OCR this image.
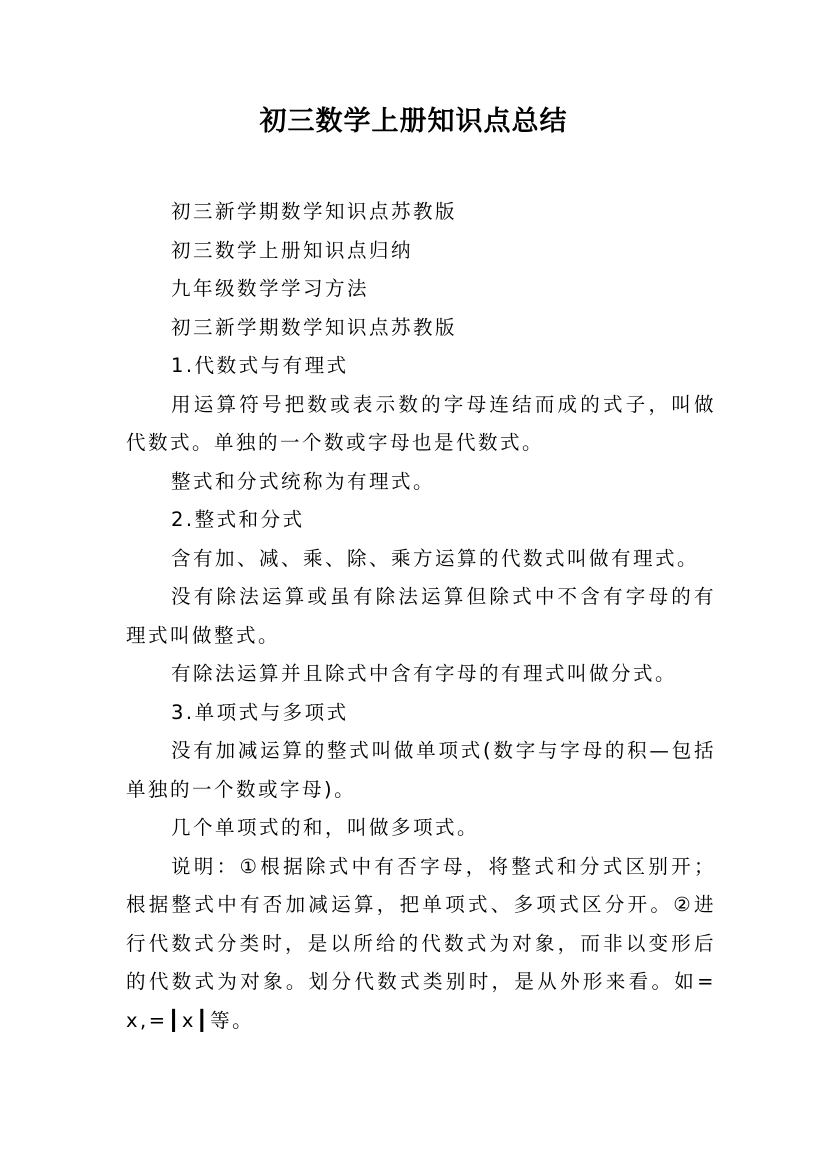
初三数学上册知识点总结

初三新学期数学知识点苏教版

初三数学上册知识点归纳

九年级数学学习方法

初三新学期数学知识点苏教版

1.代数式与有理式

用运算符号把数或表示数的字母连结而成的式子，叫做代数式。单独的一个数或字母也是代数式。

整式和分式统称为有理式。

2.整式和分式

含有加、减、乘、除、乘方运算的代数式叫做有理式。

没有除法运算或虽有除法运算但除式中不含有字母的有理式叫做整式。

有除法运算并且除式中含有字母的有理式叫做分式。

3.单项式与多项式

没有加减运算的整式叫做单项式(数字与字母的积—包括单独的一个数或字母)。

几个单项式的和，叫做多项式。

说明：①根据除式中有否字母，将整式和分式区别开；根据整式中有否加减运算，把单项式、多项式区分开。②进行代数式分类时，是以所给的代数式为对象，而非以变形后的代数式为对象。划分代数式类别时，是从外形来看。如=x,=┃x┃等。
